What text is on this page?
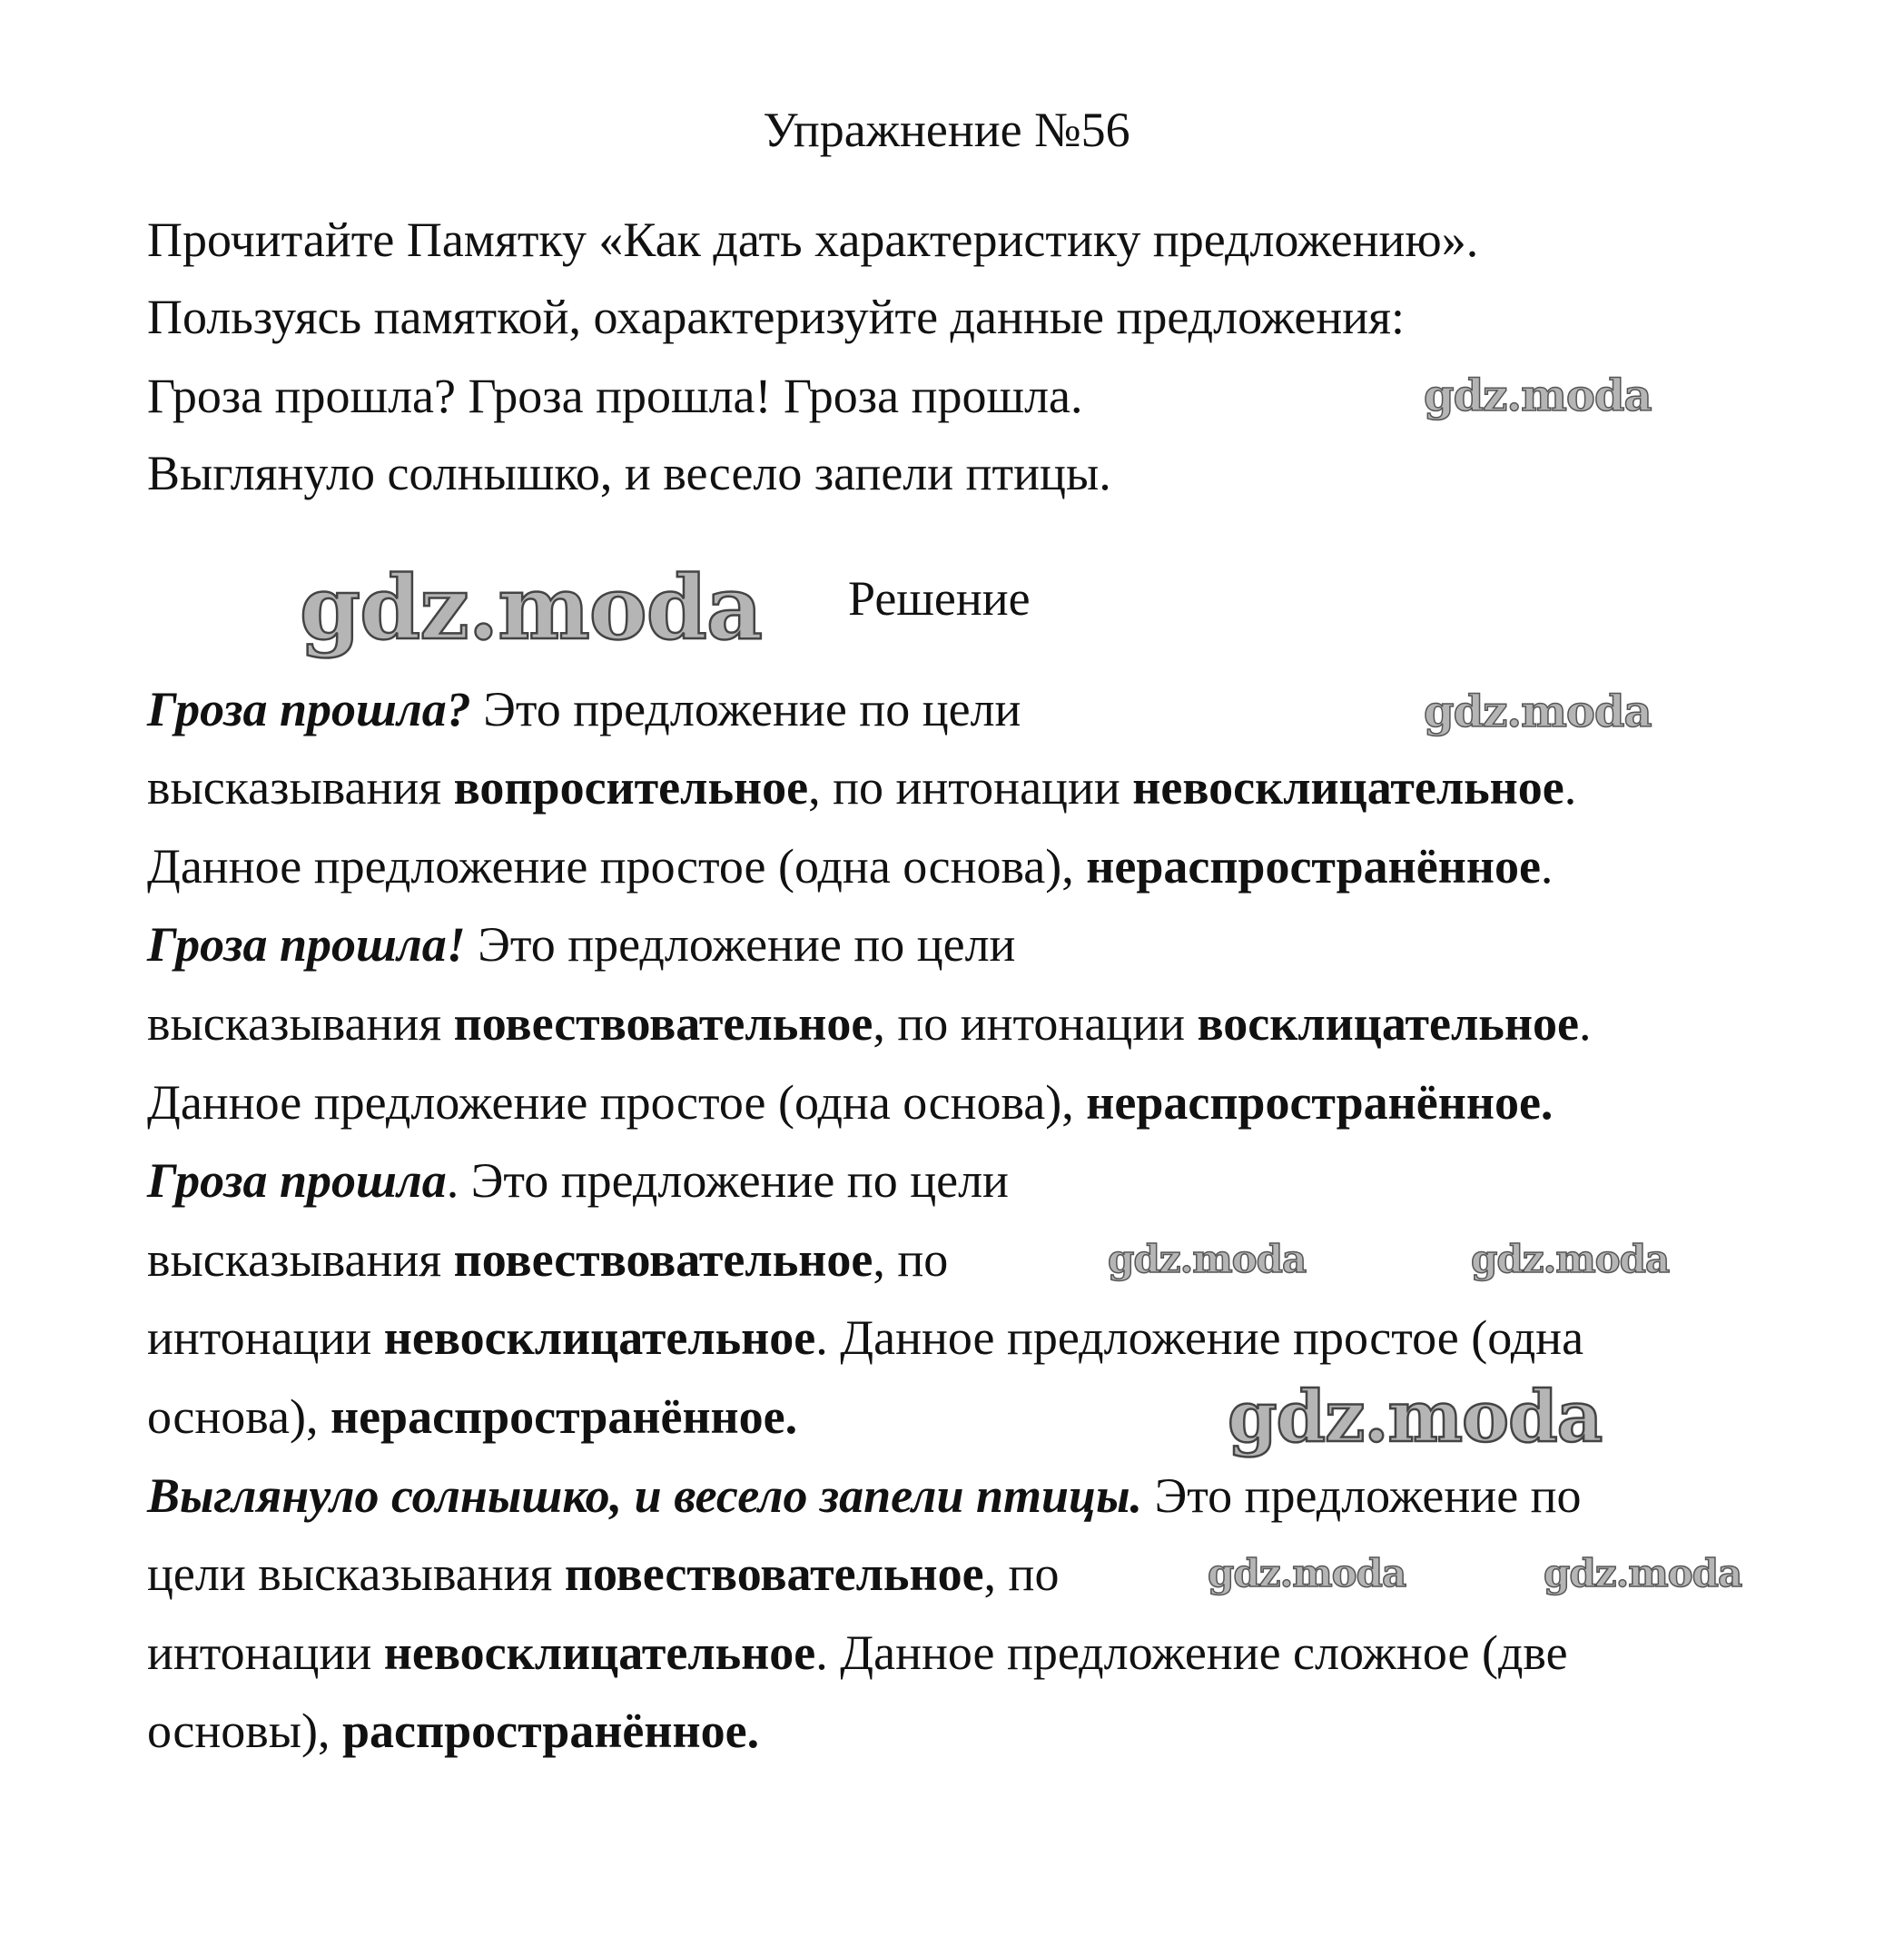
Упражнение №56
Прочитайте Памятку «Как дать характеристику предложению».
Пользуясь памяткой, охарактеризуйте данные предложения:
Гроза прошла? Гроза прошла! Гроза прошла.
Выглянуло солнышко, и весело запели птицы.
Решение
Гроза прошла? Это предложение по цели
высказывания вопросительное, по интонации невосклицательное.
Данное предложение простое (одна основа), нераспространённое.
Гроза прошла! Это предложение по цели
высказывания повествовательное, по интонации восклицательное.
Данное предложение простое (одна основа), нераспространённое.
Гроза прошла. Это предложение по цели
высказывания повествовательное, по
интонации невосклицательное. Данное предложение простое (одна
основа), нераспространённое.
Выглянуло солнышко, и весело запели птицы. Это предложение по
цели высказывания повествовательное, по
интонации невосклицательное. Данное предложение сложное (две
основы), распространённое.
gdz.moda
gdz.moda
gdz.moda
gdz.moda	gdz.moda
gdz.moda
gdz.moda	gdz.moda
